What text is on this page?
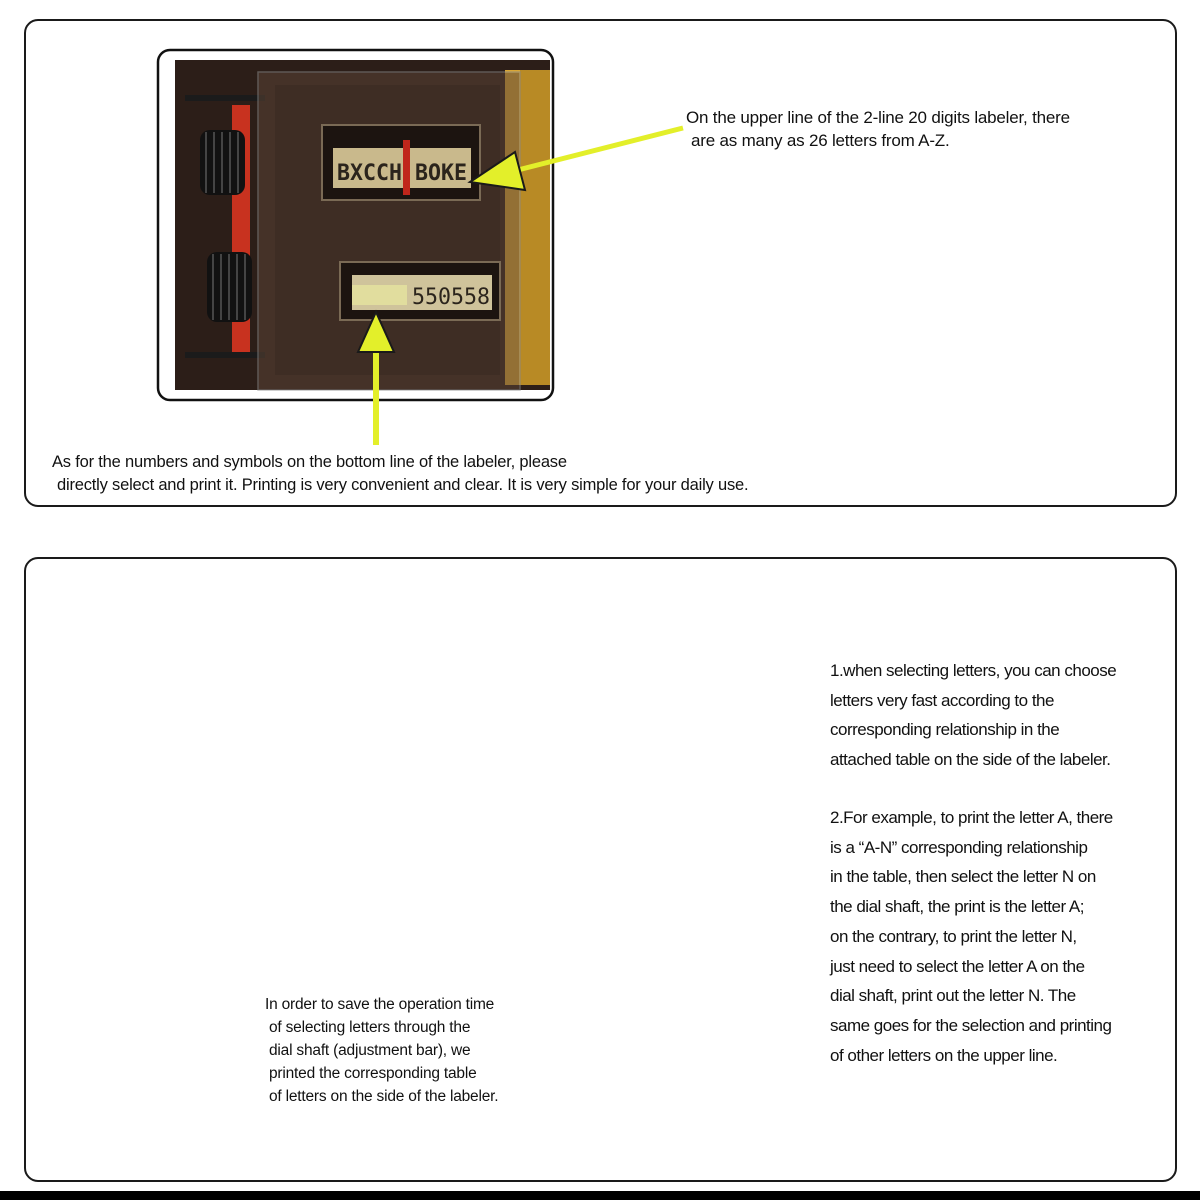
BXCCH BOKE
550558
On the upper line of the 2-line 20 digits labeler, there
are as many as 26 letters from A-Z.
As for the numbers and symbols on the bottom line of the labeler, please
directly select and print it. Printing is very convenient and clear. It is very simple for your daily use.
In order to save the operation time
of selecting letters through the
dial shaft (adjustment bar), we
printed the corresponding table
of letters on the side of the labeler.
1.when selecting letters, you can choose
letters very fast according to the
corresponding relationship in the
attached table on the side of the labeler.
2.For example, to print the letter A, there
is a “A-N” corresponding relationship
in the table, then select the letter N on
the dial shaft, the print is the letter A;
on the contrary, to print the letter N,
just need to select the letter A on the
dial shaft, print out the letter N. The
same goes for the selection and printing
of other letters on the upper line.
